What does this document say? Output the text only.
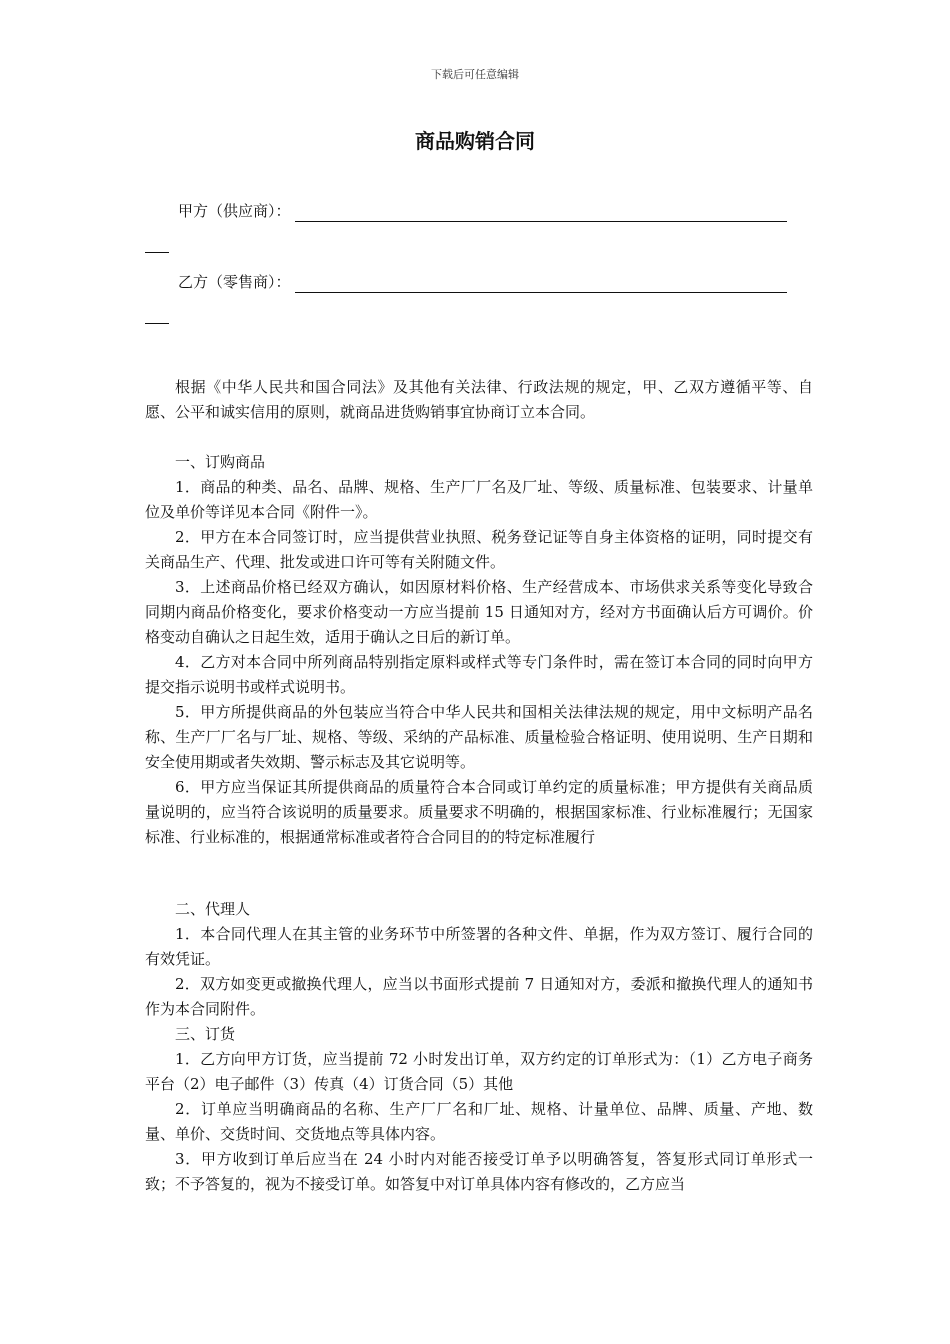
下载后可任意编辑
商品购销合同
甲方（供应商）：
乙方（零售商）：

根据《中华人民共和国合同法》及其他有关法律、行政法规的规定，甲、乙双方遵循平等、自愿、公平和诚实信用的原则，就商品进货购销事宜协商订立本合同。

一、订购商品

1．商品的种类、品名、品牌、规格、生产厂厂名及厂址、等级、质量标准、包装要求、计量单位及单价等详见本合同《附件一》。

2．甲方在本合同签订时，应当提供营业执照、税务登记证等自身主体资格的证明，同时提交有关商品生产、代理、批发或进口许可等有关附随文件。

3．上述商品价格已经双方确认，如因原材料价格、生产经营成本、市场供求关系等变化导致合同期内商品价格变化，要求价格变动一方应当提前 15 日通知对方，经对方书面确认后方可调价。价格变动自确认之日起生效，适用于确认之日后的新订单。

4．乙方对本合同中所列商品特别指定原料或样式等专门条件时，需在签订本合同的同时向甲方提交指示说明书或样式说明书。

5．甲方所提供商品的外包装应当符合中华人民共和国相关法律法规的规定，用中文标明产品名称、生产厂厂名与厂址、规格、等级、采纳的产品标准、质量检验合格证明、使用说明、生产日期和安全使用期或者失效期、警示标志及其它说明等。

6．甲方应当保证其所提供商品的质量符合本合同或订单约定的质量标准；甲方提供有关商品质量说明的，应当符合该说明的质量要求。质量要求不明确的，根据国家标准、行业标准履行；无国家标准、行业标准的，根据通常标准或者符合合同目的的特定标准履行

二、代理人

1．本合同代理人在其主管的业务环节中所签署的各种文件、单据，作为双方签订、履行合同的有效凭证。

2．双方如变更或撤换代理人，应当以书面形式提前 7 日通知对方，委派和撤换代理人的通知书作为本合同附件。

三、订货

1．乙方向甲方订货，应当提前 72 小时发出订单，双方约定的订单形式为：（1）乙方电子商务平台（2）电子邮件（3）传真（4）订货合同（5）其他

2．订单应当明确商品的名称、生产厂厂名和厂址、规格、计量单位、品牌、质量、产地、数量、单价、交货时间、交货地点等具体内容。

3．甲方收到订单后应当在 24 小时内对能否接受订单予以明确答复，答复形式同订单形式一致；不予答复的，视为不接受订单。如答复中对订单具体内容有修改的，乙方应当
